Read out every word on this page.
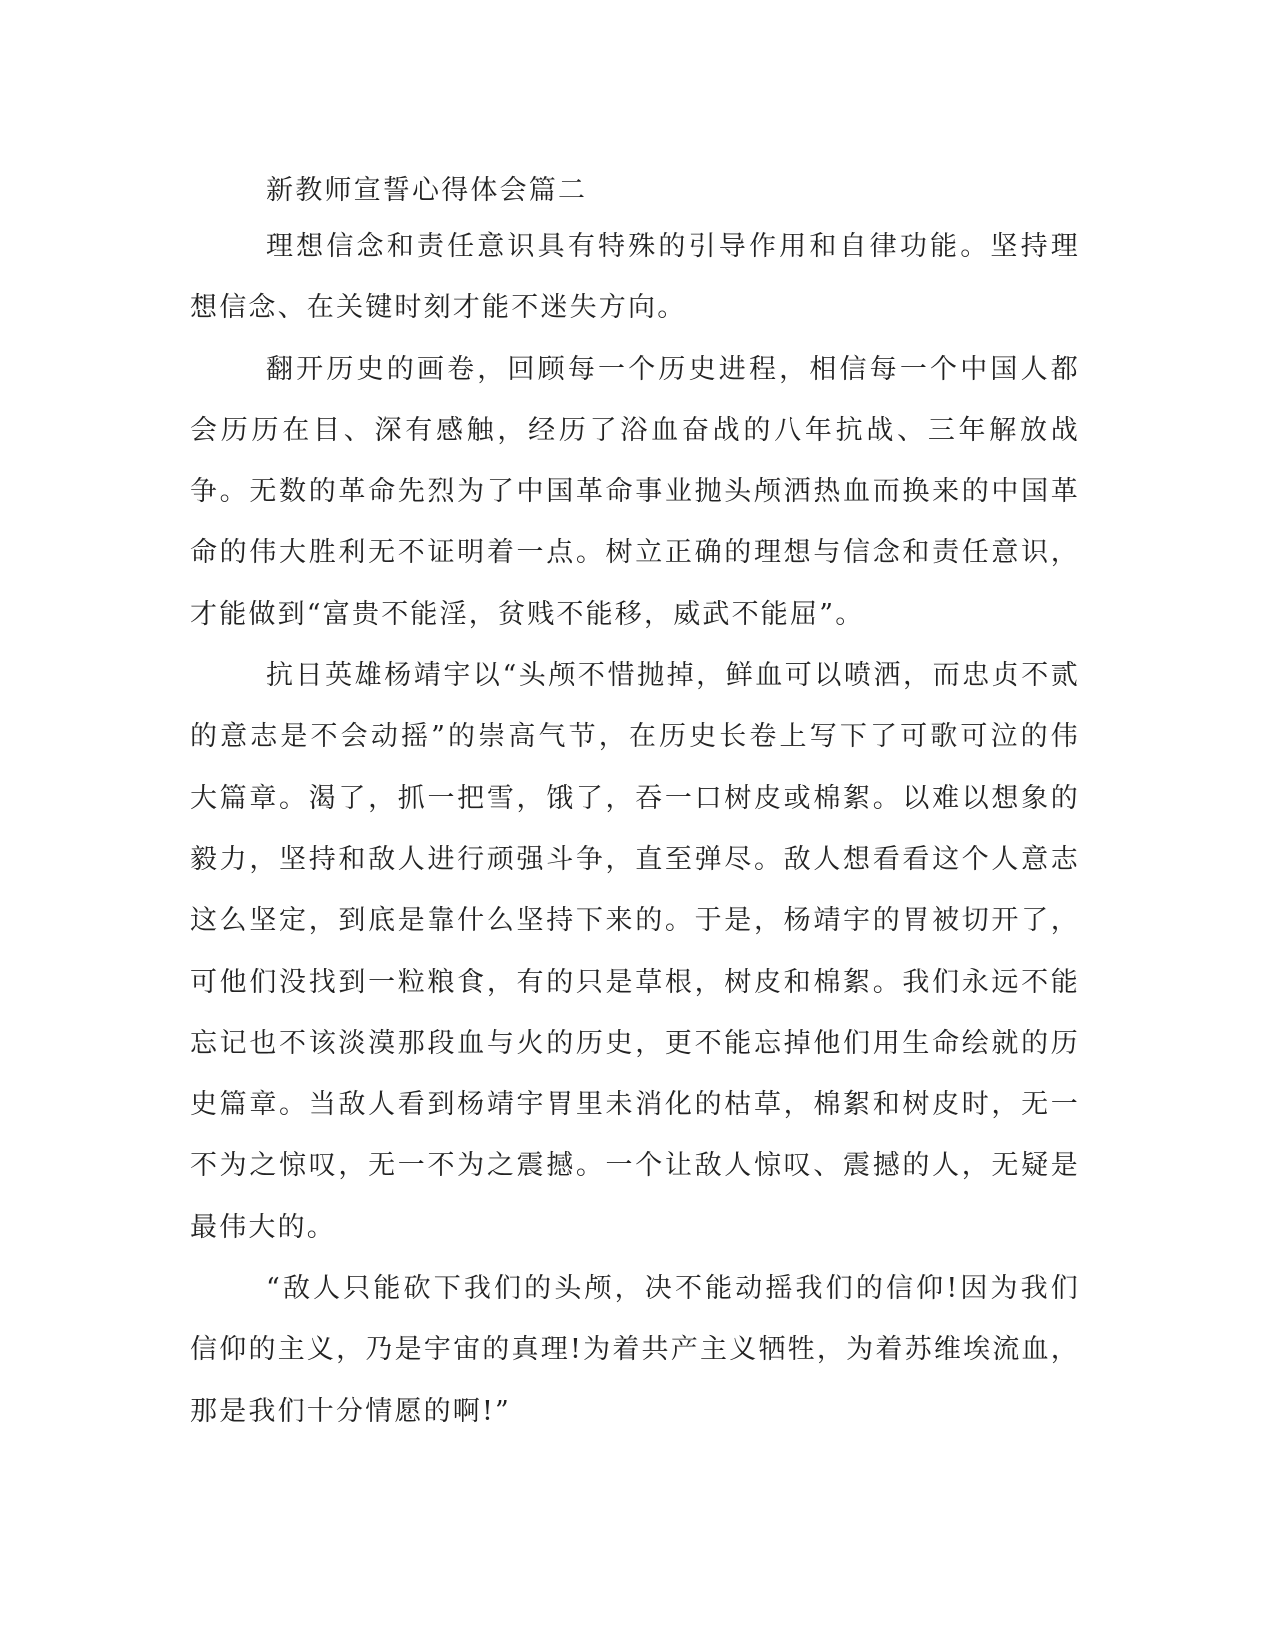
新教师宣誓心得体会篇二

理想信念和责任意识具有特殊的引导作用和自律功能。坚持理想信念、在关键时刻才能不迷失方向。

翻开历史的画卷，回顾每一个历史进程，相信每一个中国人都会历历在目、深有感触，经历了浴血奋战的八年抗战、三年解放战争。无数的革命先烈为了中国革命事业抛头颅洒热血而换来的中国革命的伟大胜利无不证明着一点。树立正确的理想与信念和责任意识，才能做到“富贵不能淫，贫贱不能移，威武不能屈”。

抗日英雄杨靖宇以“头颅不惜抛掉，鲜血可以喷洒，而忠贞不贰的意志是不会动摇”的崇高气节，在历史长卷上写下了可歌可泣的伟大篇章。渴了，抓一把雪，饿了，吞一口树皮或棉絮。以难以想象的毅力，坚持和敌人进行顽强斗争，直至弹尽。敌人想看看这个人意志这么坚定，到底是靠什么坚持下来的。于是，杨靖宇的胃被切开了，可他们没找到一粒粮食，有的只是草根，树皮和棉絮。我们永远不能忘记也不该淡漠那段血与火的历史，更不能忘掉他们用生命绘就的历史篇章。当敌人看到杨靖宇胃里未消化的枯草，棉絮和树皮时，无一不为之惊叹，无一不为之震撼。一个让敌人惊叹、震撼的人，无疑是最伟大的。

“敌人只能砍下我们的头颅，决不能动摇我们的信仰!因为我们信仰的主义，乃是宇宙的真理!为着共产主义牺牲，为着苏维埃流血，那是我们十分情愿的啊!”
